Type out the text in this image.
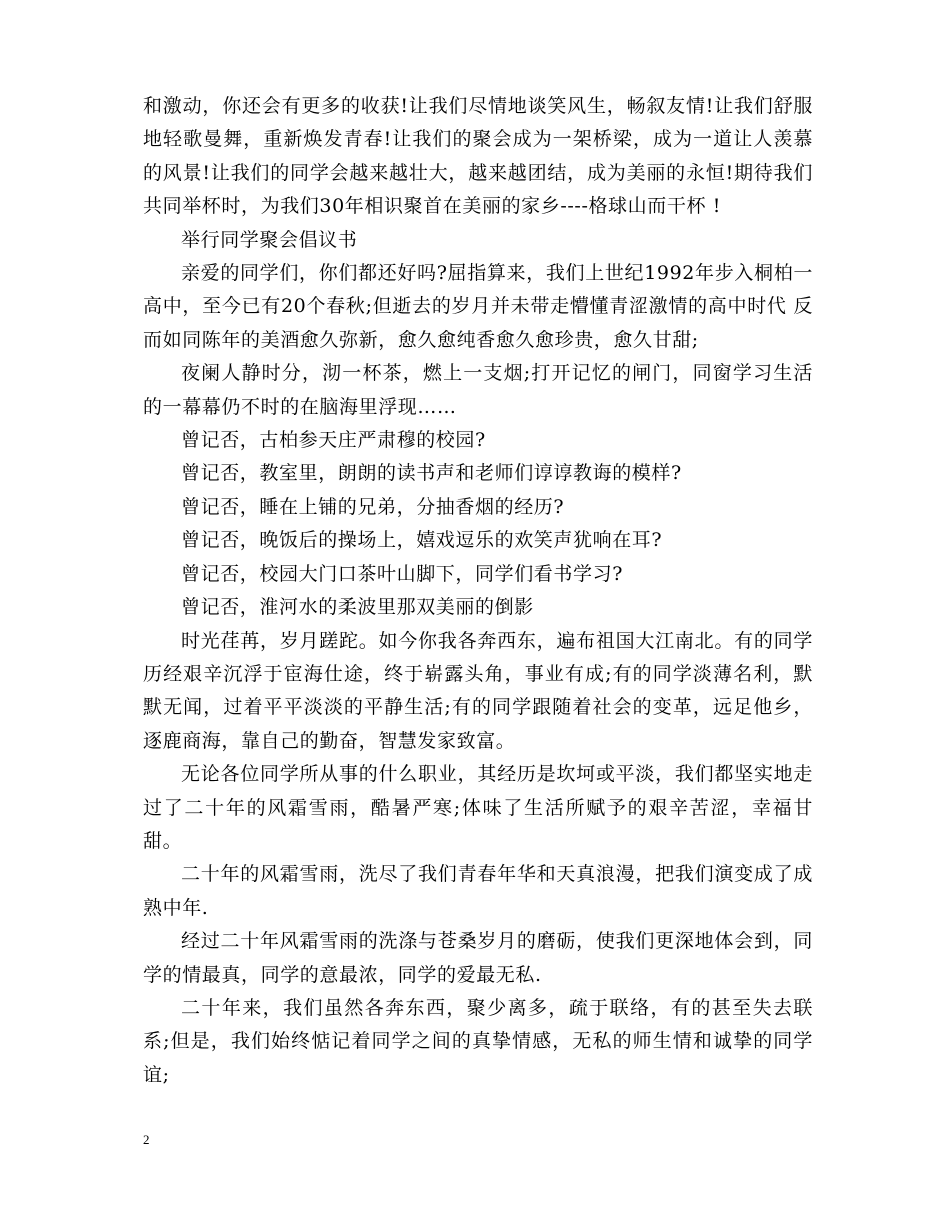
和激动，你还会有更多的收获!让我们尽情地谈笑风生，畅叙友情!让我们舒服地轻歌曼舞，重新焕发青春!让我们的聚会成为一架桥梁，成为一道让人羡慕的风景!让我们的同学会越来越壮大，越来越团结，成为美丽的永恒!期待我们共同举杯时，为我们30年相识聚首在美丽的家乡----格球山而干杯 !

举行同学聚会倡议书

亲爱的同学们，你们都还好吗?屈指算来，我们上世纪1992年步入桐柏一高中，至今已有20个春秋;但逝去的岁月并未带走懵懂青涩激情的高中时代 反而如同陈年的美酒愈久弥新，愈久愈纯香愈久愈珍贵，愈久甘甜;

夜阑人静时分，沏一杯茶，燃上一支烟;打开记忆的闸门，同窗学习生活的一幕幕仍不时的在脑海里浮现……

曾记否，古柏参天庄严肃穆的校园?

曾记否，教室里，朗朗的读书声和老师们谆谆教诲的模样?

曾记否，睡在上铺的兄弟，分抽香烟的经历?

曾记否，晚饭后的操场上，嬉戏逗乐的欢笑声犹响在耳?

曾记否，校园大门口茶叶山脚下，同学们看书学习?

曾记否，淮河水的柔波里那双美丽的倒影

时光荏苒，岁月蹉跎。如今你我各奔西东，遍布祖国大江南北。有的同学历经艰辛沉浮于宦海仕途，终于崭露头角，事业有成;有的同学淡薄名利，默默无闻，过着平平淡淡的平静生活;有的同学跟随着社会的变革，远足他乡，逐鹿商海，靠自己的勤奋，智慧发家致富。

无论各位同学所从事的什么职业，其经历是坎坷或平淡，我们都坚实地走过了二十年的风霜雪雨，酷暑严寒;体味了生活所赋予的艰辛苦涩，幸福甘甜。

二十年的风霜雪雨，洗尽了我们青春年华和天真浪漫，把我们演变成了成熟中年.

经过二十年风霜雪雨的洗涤与苍桑岁月的磨砺，使我们更深地体会到，同学的情最真，同学的意最浓，同学的爱最无私.

二十年来，我们虽然各奔东西，聚少离多，疏于联络，有的甚至失去联系;但是，我们始终惦记着同学之间的真挚情感，无私的师生情和诚挚的同学谊;

2
